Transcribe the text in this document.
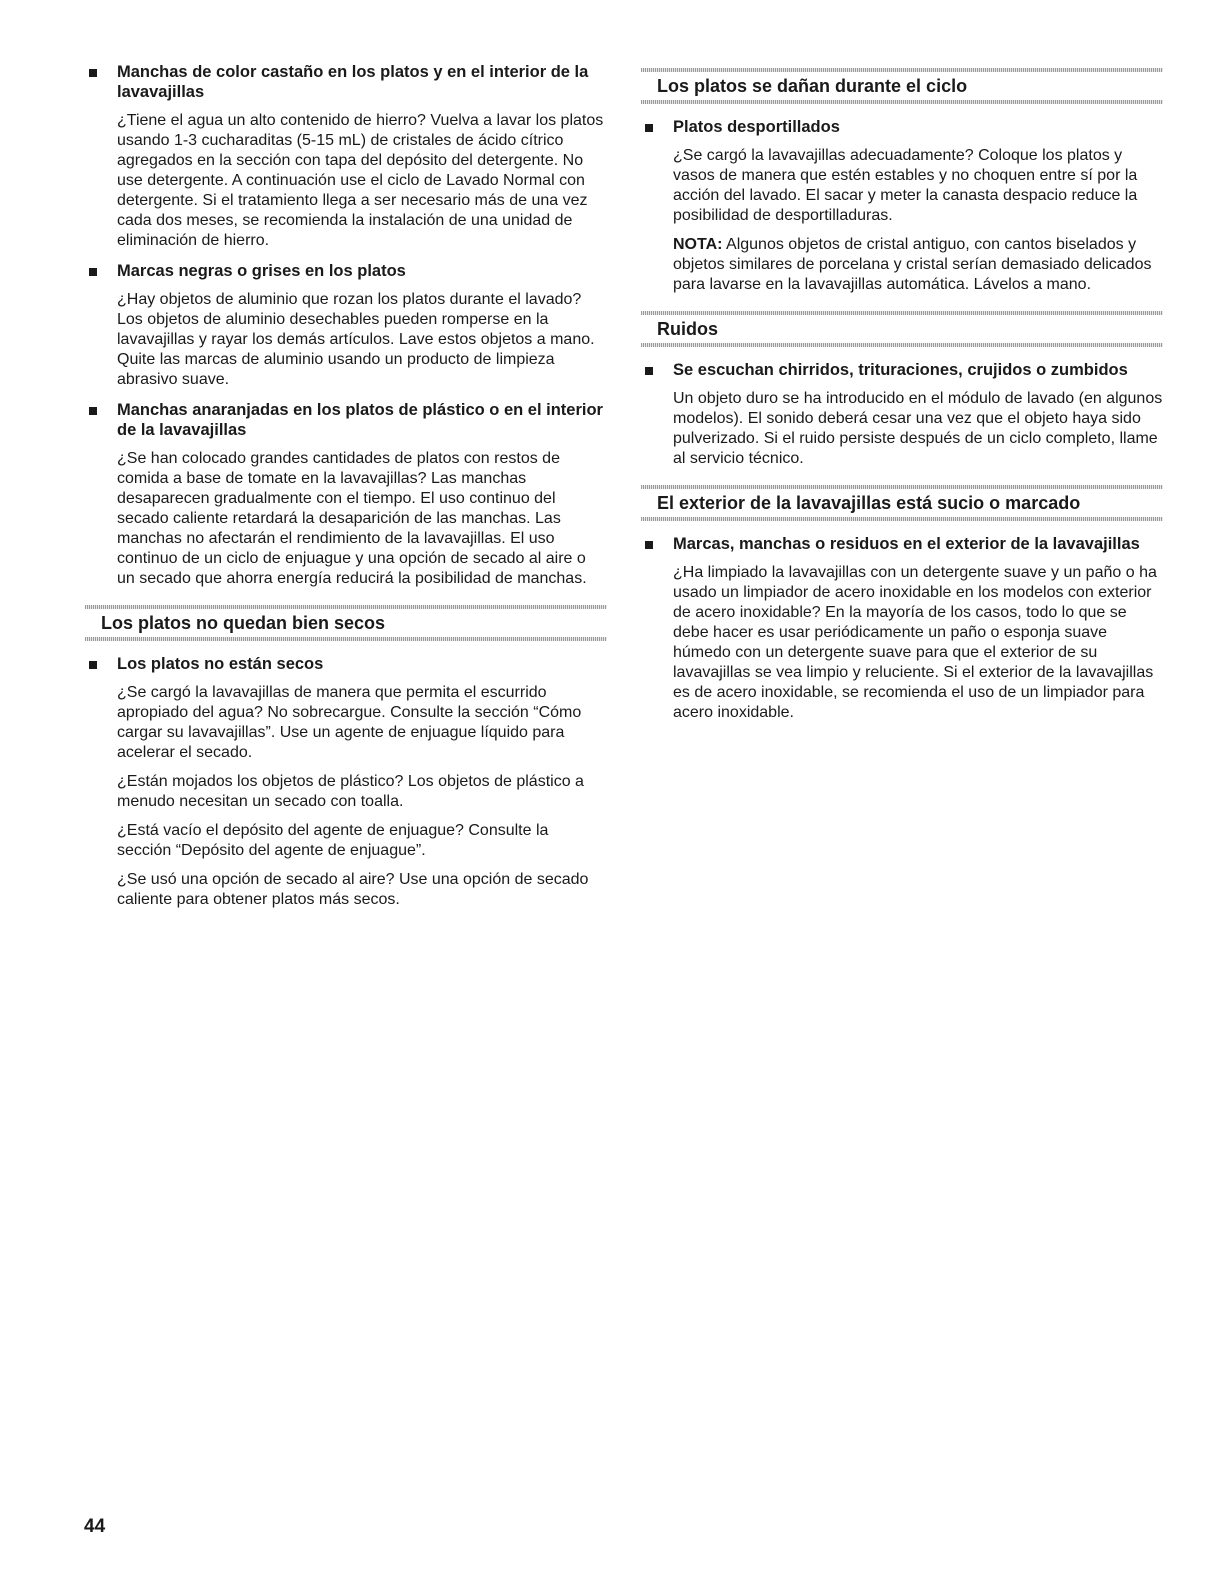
Manchas de color castaño en los platos y en el interior de la lavavajillas

¿Tiene el agua un alto contenido de hierro? Vuelva a lavar los platos usando 1-3 cucharaditas (5-15 mL) de cristales de ácido cítrico agregados en la sección con tapa del depósito del detergente. No use detergente. A continuación use el ciclo de Lavado Normal con detergente. Si el tratamiento llega a ser necesario más de una vez cada dos meses, se recomienda la instalación de una unidad de eliminación de hierro.

Marcas negras o grises en los platos

¿Hay objetos de aluminio que rozan los platos durante el lavado? Los objetos de aluminio desechables pueden romperse en la lavavajillas y rayar los demás artículos. Lave estos objetos a mano. Quite las marcas de aluminio usando un producto de limpieza abrasivo suave.

Manchas anaranjadas en los platos de plástico o en el interior de la lavavajillas

¿Se han colocado grandes cantidades de platos con restos de comida a base de tomate en la lavavajillas? Las manchas desaparecen gradualmente con el tiempo. El uso continuo del secado caliente retardará la desaparición de las manchas. Las manchas no afectarán el rendimiento de la lavavajillas. El uso continuo de un ciclo de enjuague y una opción de secado al aire o un secado que ahorra energía reducirá la posibilidad de manchas.

Los platos no quedan bien secos
Los platos no están secos

¿Se cargó la lavavajillas de manera que permita el escurrido apropiado del agua? No sobrecargue. Consulte la sección “Cómo cargar su lavavajillas”. Use un agente de enjuague líquido para acelerar el secado.

¿Están mojados los objetos de plástico? Los objetos de plástico a menudo necesitan un secado con toalla.

¿Está vacío el depósito del agente de enjuague? Consulte la sección “Depósito del agente de enjuague”.

¿Se usó una opción de secado al aire? Use una opción de secado caliente para obtener platos más secos.

Los platos se dañan durante el ciclo
Platos desportillados

¿Se cargó la lavavajillas adecuadamente? Coloque los platos y vasos de manera que estén estables y no choquen entre sí por la acción del lavado. El sacar y meter la canasta despacio reduce la posibilidad de desportilladuras.

NOTA: Algunos objetos de cristal antiguo, con cantos biselados y objetos similares de porcelana y cristal serían demasiado delicados para lavarse en la lavavajillas automática. Lávelos a mano.

Ruidos
Se escuchan chirridos, trituraciones, crujidos o zumbidos

Un objeto duro se ha introducido en el módulo de lavado (en algunos modelos). El sonido deberá cesar una vez que el objeto haya sido pulverizado. Si el ruido persiste después de un ciclo completo, llame al servicio técnico.

El exterior de la lavavajillas está sucio o marcado
Marcas, manchas o residuos en el exterior de la lavavajillas

¿Ha limpiado la lavavajillas con un detergente suave y un paño o ha usado un limpiador de acero inoxidable en los modelos con exterior de acero inoxidable? En la mayoría de los casos, todo lo que se debe hacer es usar periódicamente un paño o esponja suave húmedo con un detergente suave para que el exterior de su lavavajillas se vea limpio y reluciente. Si el exterior de la lavavajillas es de acero inoxidable, se recomienda el uso de un limpiador para acero inoxidable.

44
